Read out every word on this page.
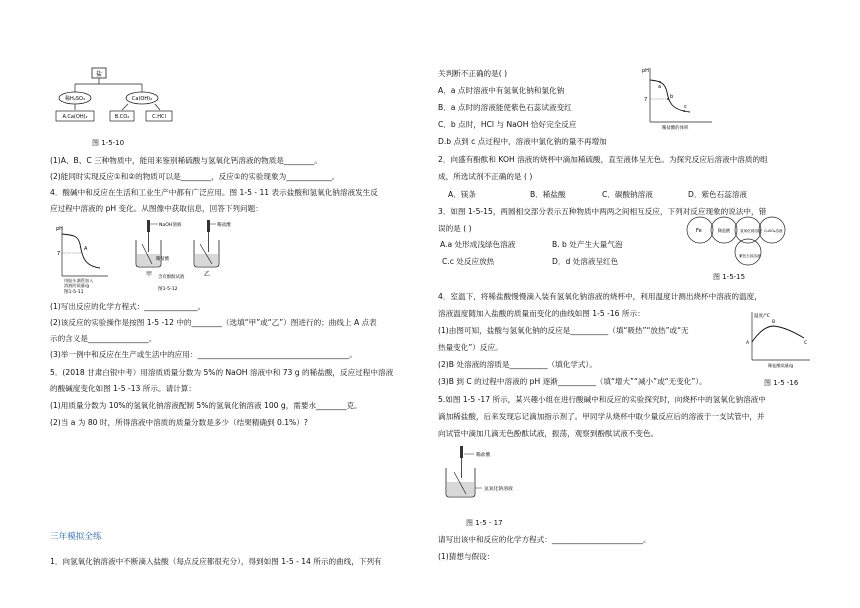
盐
稀H₂SO₄	Ca(OH)₂
A.Ca(OH)₂	B.CO₂	C.HCl
图 1-5-10
(1)A、B、C 三种物质中，能用来鉴别稀硫酸与氢氧化钙溶液的物质是________。
(2)能同时实现反应①和②的物质可以是________，反应①的实验现象为____________。
4．酸碱中和反应在生活和工业生产中都有广泛应用。图 1-5 - 11 表示盐酸和氢氧化钠溶液发生反
应过程中溶液的 pH 变化。从图像中获取信息，回答下列问题：
pH
7
A
用胶头滴管加入
溶液的质量/g
图1-5-11
NaOH溶液
稀盐酸
甲
稀盐酸
乙
含有酚酞试液
图1-5-12
(1)写出反应的化学方程式：______________。
(2)该反应的实验操作是按图 1-5 -12 中的________（选填“甲”或“乙”）图进行的；曲线上 A 点表
示的含义是________________。
(3)举一例中和反应在生产或生活中的应用：________________________________________。
5．(2018 甘肃白银中考）用溶质质量分数为 5%的 NaOH 溶液中和 73 g 的稀盐酸，反应过程中溶液
的酸碱度变化如图 1-5 -13 所示。请计算：
(1)用质量分数为 10%的氢氧化钠溶液配制 5%的氢氧化钠溶液 100 g，需要水________克。
(2)当 a 为 80 时，所得溶液中溶质的质量分数是多少（结果精确到 0.1%）?
三年模拟全练
1．向氢氧化钠溶液中不断滴入盐酸（每点反应都很充分），得到如图 1-5 - 14 所示的曲线，下列有
关判断不正确的是( )
A．a 点时溶液中有氢氧化钠和氯化钠
B．a 点时的溶液能使紫色石蕊试液变红
C．b 点时，HCl 与 NaOH 恰好完全反应
D.b 点到 c 点过程中，溶液中氯化钠的量不再增加
pH
7
a
b
c
稀盐酸的体积
2．向盛有酚酞和 KOH 溶液的烧杯中滴加稀硫酸，直至液体呈无色。为探究反应后溶液中溶质的组
成，所选试剂不正确的是 ( )
A．镁条	B．稀盐酸	C．碳酸钠溶液	D．紫色石蕊溶液
3．如图 1-5-15，两圆相交部分表示五种物质中两两之间相互反应，下列对反应现象的说法中，错
误的是 ( )
A.a 处形成浅绿色溶液	B. b 处产生大量气泡
C.c 处反应放热	D．d 处溶液呈红色
Fe	稀盐酸	氢氧化钠溶液 CuSO₄溶液
紫色石蕊溶液
图 1-5-15
4．室温下，将稀盐酸慢慢滴入装有氢氧化钠溶液的烧杯中，利用温度计测出烧杯中溶液的温度，
溶液温度随加入盐酸的质量而变化的曲线如图 1-5 -16 所示：
(1)由图可知，盐酸与氢氧化钠的反应是__________（填“吸热”“放热”或“无
热量变化”）反应。
(2)B 处溶液的溶质是__________（填化学式）。
(3)B 到 C 的过程中溶液的 pH 逐渐__________（填“增大”“减小”或“无变化”）。	图 1-5 -16
温度/℃
A
B
C
稀盐酸质量/g
5.如图 1-5 -17 所示，某兴趣小组在进行酸碱中和反应的实验探究时，向烧杯中的氢氧化钠溶液中
滴加稀盐酸，后来发现忘记滴加指示剂了。甲同学从烧杯中取少量反应后的溶液于一支试管中，并
向试管中滴加几滴无色酚酞试液，振荡，观察到酚酞试液不变色。
稀盐酸
氢氧化钠溶液
图 1-5 - 17
请写出该中和反应的化学方程式：________________________。
(1)猜想与假设：
